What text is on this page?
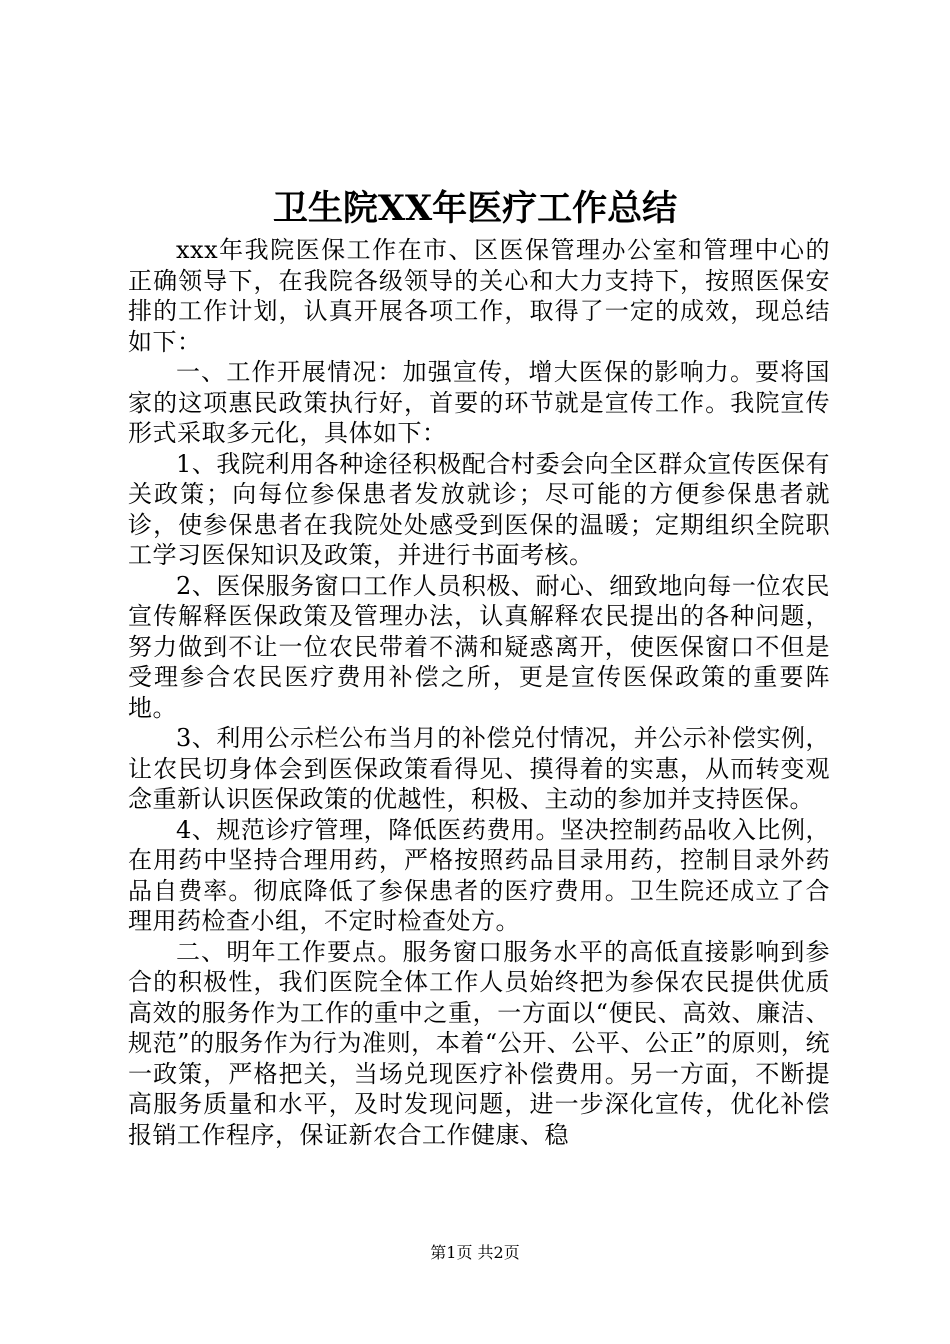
卫生院XX年医疗工作总结

xxx年我院医保工作在市、区医保管理办公室和管理中心的正确领导下，在我院各级领导的关心和大力支持下，按照医保安排的工作计划，认真开展各项工作，取得了一定的成效，现总结如下：

一、工作开展情况：加强宣传，增大医保的影响力。要将国家的这项惠民政策执行好，首要的环节就是宣传工作。我院宣传形式采取多元化，具体如下：

1、我院利用各种途径积极配合村委会向全区群众宣传医保有关政策；向每位参保患者发放就诊；尽可能的方便参保患者就诊，使参保患者在我院处处感受到医保的温暖；定期组织全院职工学习医保知识及政策，并进行书面考核。

2、医保服务窗口工作人员积极、耐心、细致地向每一位农民宣传解释医保政策及管理办法，认真解释农民提出的各种问题，努力做到不让一位农民带着不满和疑惑离开，使医保窗口不但是受理参合农民医疗费用补偿之所，更是宣传医保政策的重要阵地。

3、利用公示栏公布当月的补偿兑付情况，并公示补偿实例，让农民切身体会到医保政策看得见、摸得着的实惠，从而转变观念重新认识医保政策的优越性，积极、主动的参加并支持医保。

4、规范诊疗管理，降低医药费用。坚决控制药品收入比例，在用药中坚持合理用药，严格按照药品目录用药，控制目录外药品自费率。彻底降低了参保患者的医疗费用。卫生院还成立了合理用药检查小组，不定时检查处方。

二、明年工作要点。服务窗口服务水平的高低直接影响到参合的积极性，我们医院全体工作人员始终把为参保农民提供优质高效的服务作为工作的重中之重，一方面以“便民、高效、廉洁、规范”的服务作为行为准则，本着“公开、公平、公正”的原则，统一政策，严格把关，当场兑现医疗补偿费用。另一方面，不断提高服务质量和水平，及时发现问题，进一步深化宣传，优化补偿报销工作程序，保证新农合工作健康、稳

第1页 共2页
